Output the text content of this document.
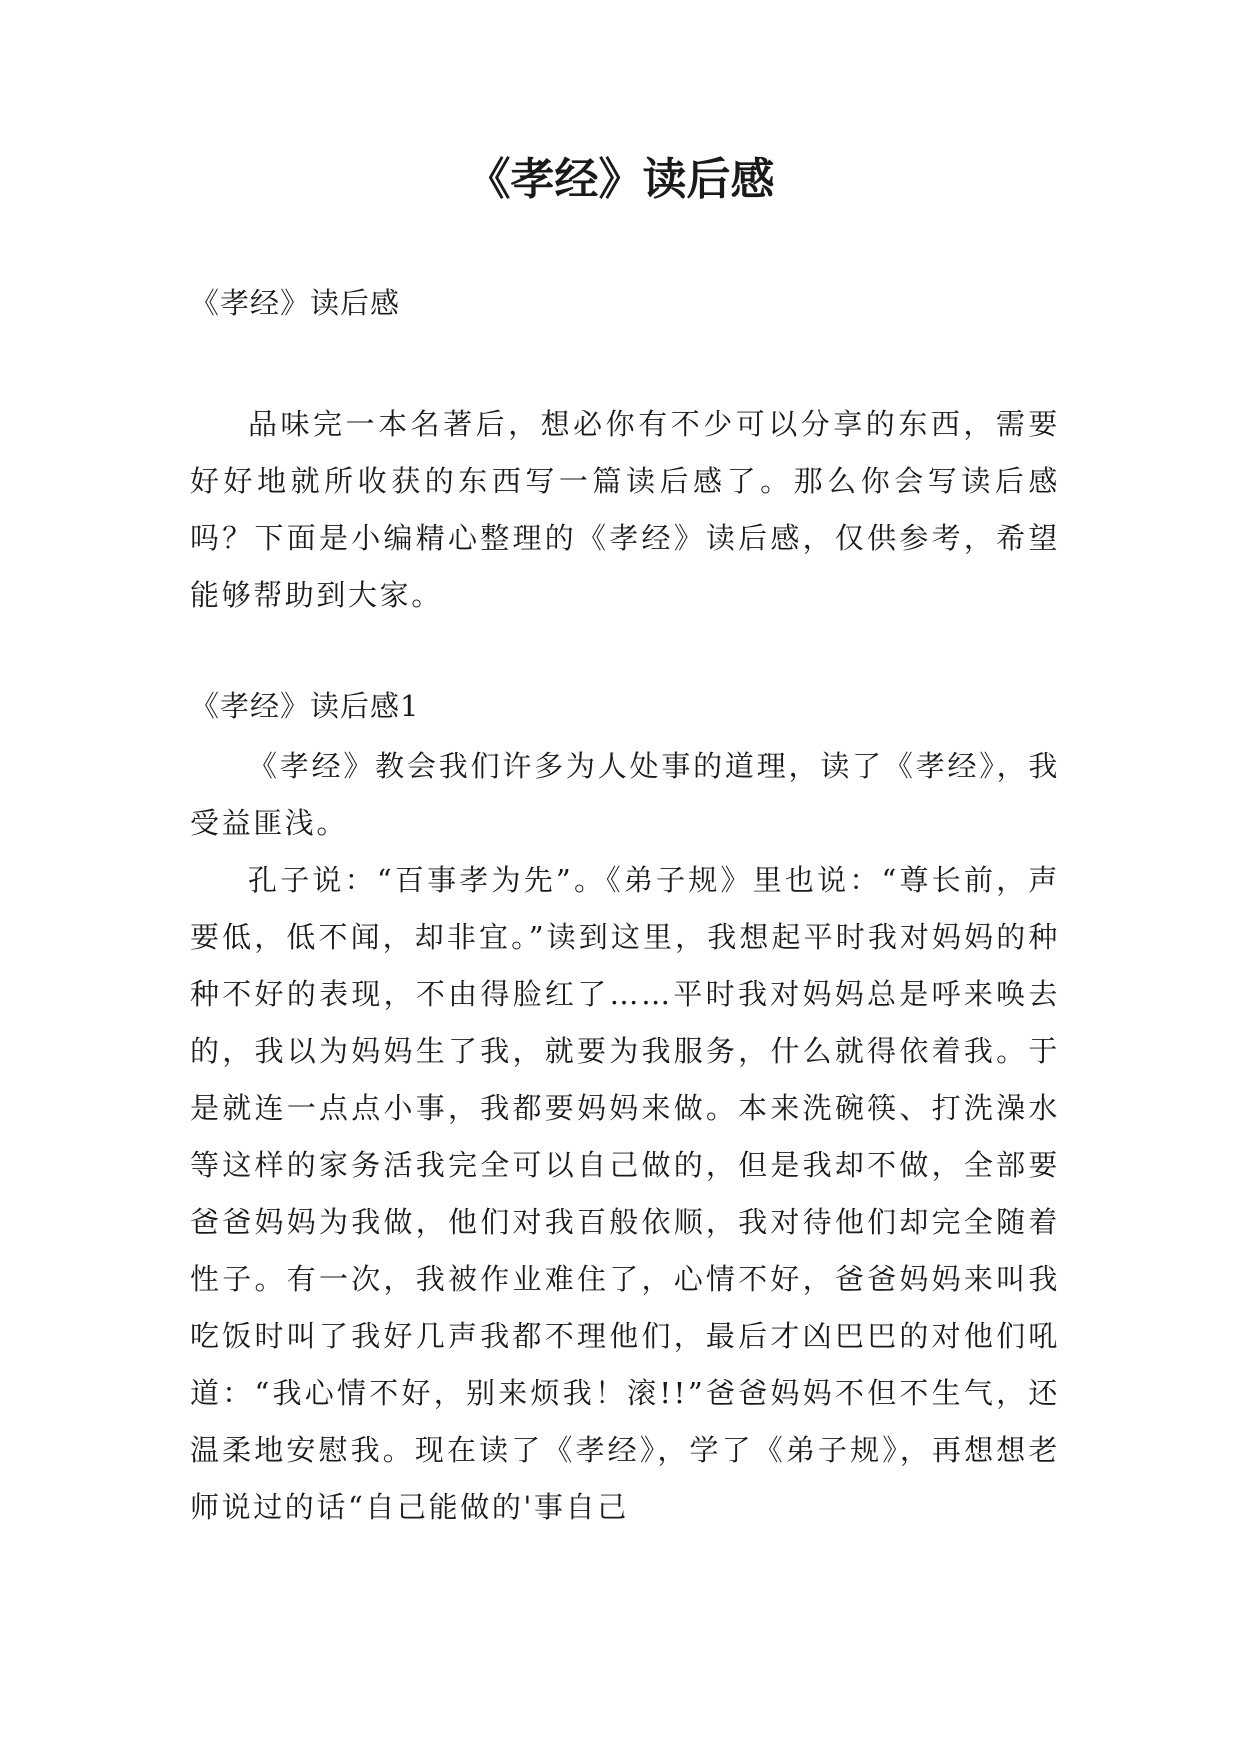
《孝经》读后感

《孝经》读后感

品味完一本名著后，想必你有不少可以分享的东西，需要好好地就所收获的东西写一篇读后感了。那么你会写读后感吗？下面是小编精心整理的《孝经》读后感，仅供参考，希望能够帮助到大家。

《孝经》读后感1

《孝经》教会我们许多为人处事的道理，读了《孝经》，我受益匪浅。

孔子说：“百事孝为先”。《弟子规》里也说：“尊长前，声要低，低不闻，却非宜。”读到这里，我想起平时我对妈妈的种种不好的表现，不由得脸红了……平时我对妈妈总是呼来唤去的，我以为妈妈生了我，就要为我服务，什么就得依着我。于是就连一点点小事，我都要妈妈来做。本来洗碗筷、打洗澡水等这样的家务活我完全可以自己做的，但是我却不做，全部要爸爸妈妈为我做，他们对我百般依顺，我对待他们却完全随着性子。有一次，我被作业难住了，心情不好，爸爸妈妈来叫我吃饭时叫了我好几声我都不理他们，最后才凶巴巴的对他们吼道：“我心情不好，别来烦我！滚!!”爸爸妈妈不但不生气，还温柔地安慰我。现在读了《孝经》，学了《弟子规》，再想想老师说过的话“自己能做的'事自己
